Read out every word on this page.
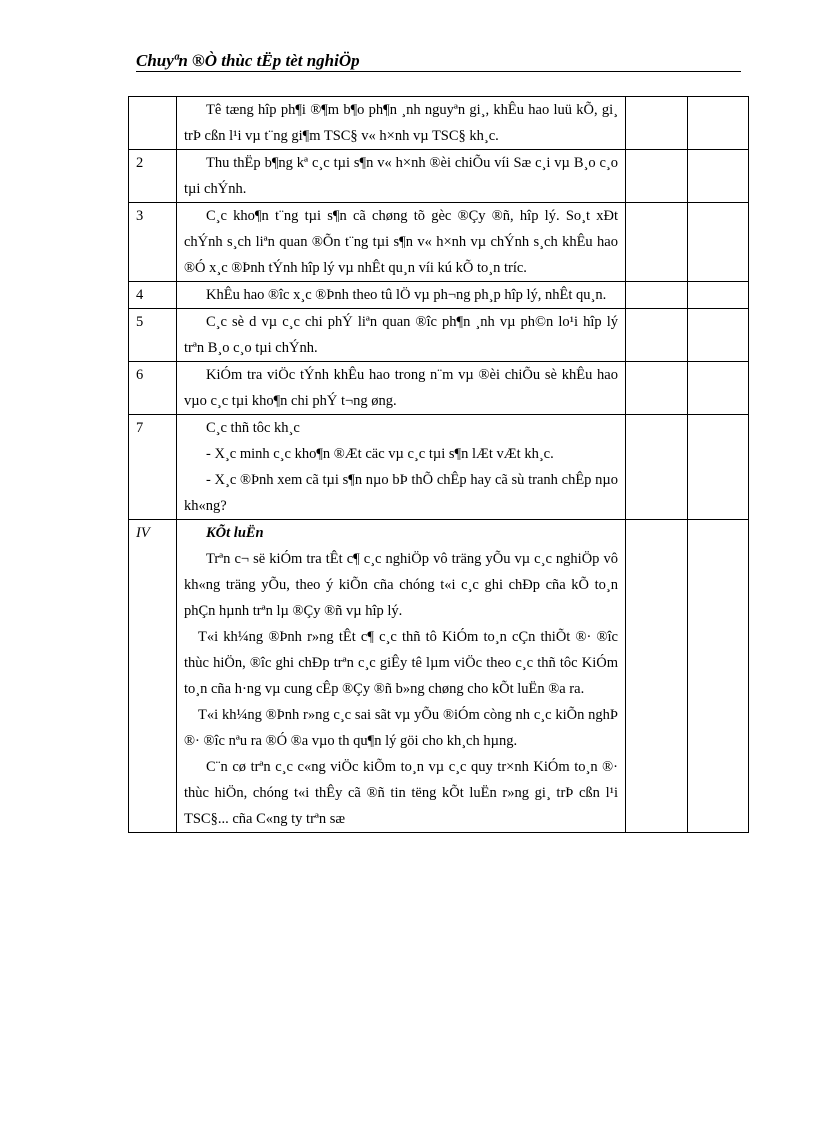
Chuyªn ®Ò thùc tËp tèt nghiÖp

	Tê tæng hîp ph¶i ®¶m b¶o ph¶n ¸nh nguyªn gi¸, khÊu hao luü kÕ, gi¸ trÞ cßn l¹i vµ t¨ng gi¶m TSC§ v« h×nh vµ TSC§ kh¸c.		

2	Thu thËp b¶ng kª c¸c tµi s¶n v« h×nh ®èi chiÕu víi Sæ c¸i vµ B¸o c¸o tµi chÝnh.		

3	C¸c kho¶n t¨ng tµi s¶n cã chøng tõ gèc ®Çy ®ñ, hîp lý. So¸t xÐt chÝnh s¸ch liªn quan ®Õn t¨ng tµi s¶n v« h×nh vµ chÝnh s¸ch khÊu hao ®Ó x¸c ®Þnh tÝnh hîp lý vµ nhÊt qu¸n víi kú kÕ to¸n tríc.		

4	KhÊu hao ®îc x¸c ®Þnh theo tû lÖ vµ ph¬ng ph¸p hîp lý, nhÊt qu¸n.		

5	C¸c sè d vµ c¸c chi phÝ liªn quan ®îc ph¶n ¸nh vµ ph©n lo¹i hîp lý trªn B¸o c¸o tµi chÝnh.		

6	KiÓm tra viÖc tÝnh khÊu hao trong n¨m vµ ®èi chiÕu sè khÊu hao vµo c¸c tµi kho¶n chi phÝ t¬ng øng.		

7	C¸c thñ tôc kh¸c

- X¸c minh c¸c kho¶n ®Æt cäc vµ c¸c tµi s¶n lÆt vÆt kh¸c.

- X¸c ®Þnh xem cã tµi s¶n nµo bÞ thÕ chÊp hay cã sù tranh chÊp nµo kh«ng?		

IV	KÕt luËn

Trªn c¬ së kiÓm tra tÊt c¶ c¸c nghiÖp vô träng yÕu vµ c¸c nghiÖp vô kh«ng träng yÕu, theo ý kiÕn cña chóng t«i c¸c ghi chÐp cña kÕ to¸n phÇn hµnh trªn lµ ®Çy ®ñ vµ hîp lý.

T«i kh¼ng ®Þnh r»ng tÊt c¶ c¸c thñ tô KiÓm to¸n cÇn thiÕt ®· ®îc thùc hiÖn, ®îc ghi chÐp trªn c¸c giÊy tê lµm viÖc theo c¸c thñ tôc KiÓm to¸n cña h·ng vµ cung cÊp ®Çy ®ñ b»ng chøng cho kÕt luËn ®a ra.

T«i kh¼ng ®Þnh r»ng c¸c sai sãt vµ yÕu ®iÓm còng nh c¸c kiÕn nghÞ ®· ®îc nªu ra ®Ó ®a vµo th qu¶n lý göi cho kh¸ch hµng.

C¨n cø trªn c¸c c«ng viÖc kiÕm to¸n vµ c¸c quy tr×nh KiÓm to¸n ®· thùc hiÖn, chóng t«i thÊy cã ®ñ tin tëng kÕt luËn r»ng gi¸ trÞ cßn l¹i TSC§... cña C«ng ty trªn sæ		
